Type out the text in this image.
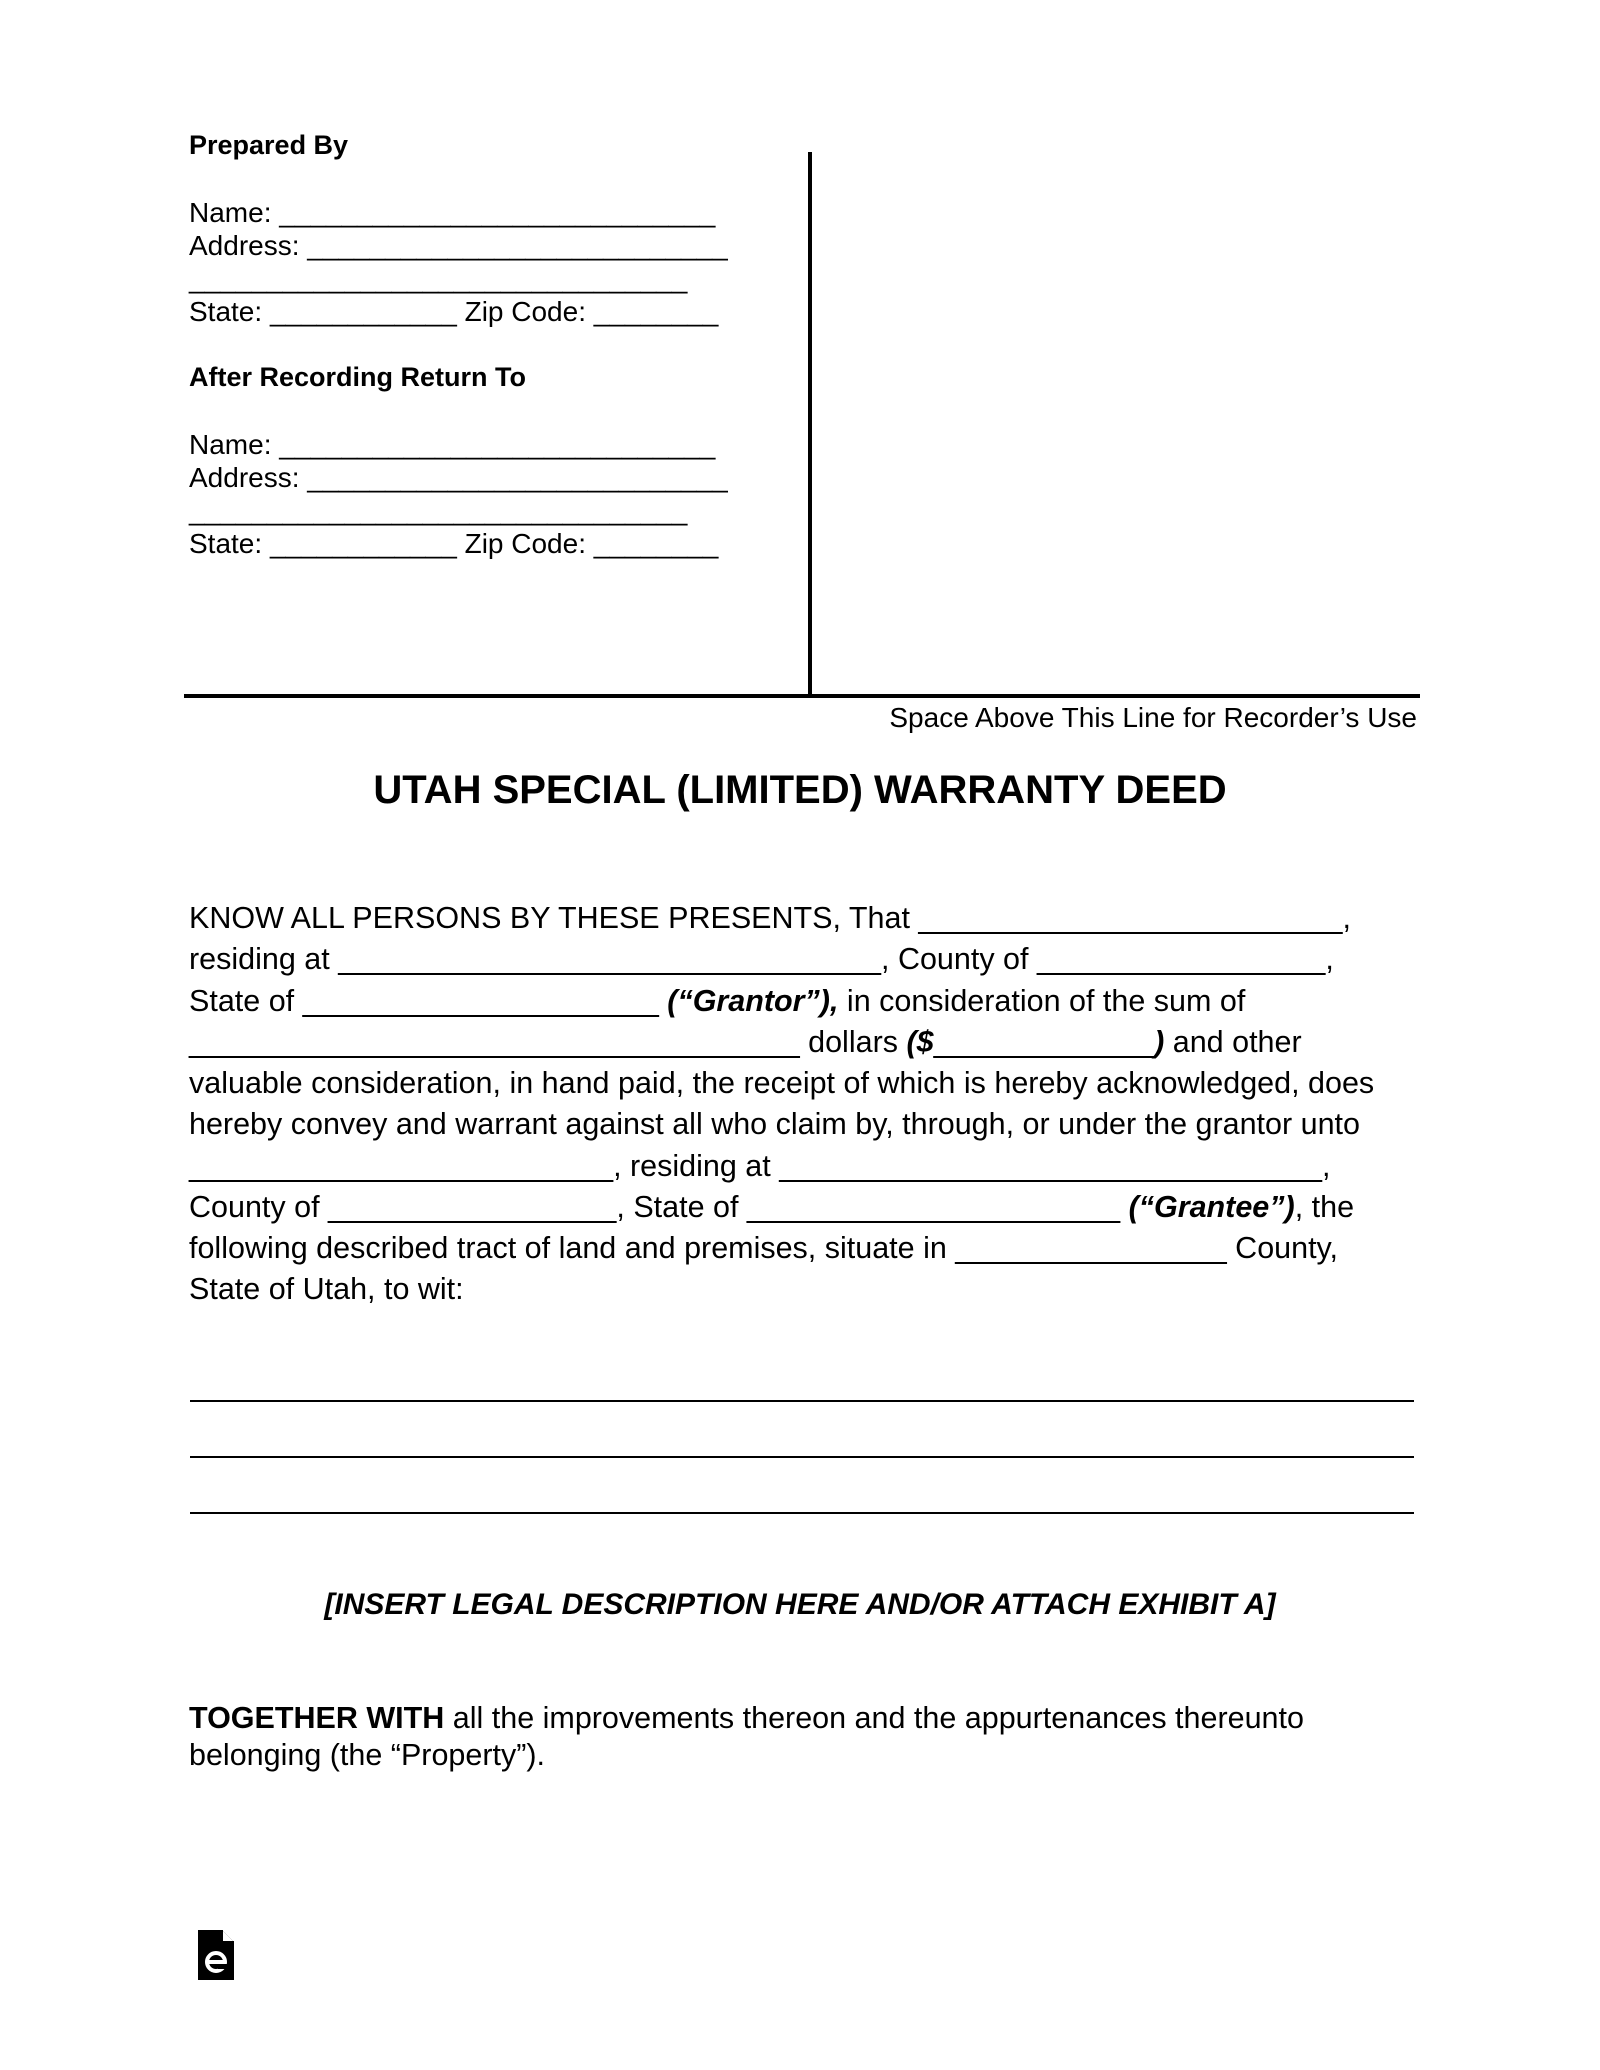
Prepared By
Name: ____________________________
Address: ___________________________
________________________________
State: ____________ Zip Code: ________
After Recording Return To
Name: ____________________________
Address: ___________________________
________________________________
State: ____________ Zip Code: ________
Space Above This Line for Recorder’s Use
UTAH SPECIAL (LIMITED) WARRANTY DEED
KNOW ALL PERSONS BY THESE PRESENTS, That _________________________,
residing at ________________________________, County of _________________,
State of _____________________ (“Grantor”), in consideration of the sum of
____________________________________ dollars ($_____________) and other
valuable consideration, in hand paid, the receipt of which is hereby acknowledged, does
hereby convey and warrant against all who claim by, through, or under the grantor unto
_________________________, residing at ________________________________,
County of _________________, State of ______________________ (“Grantee”), the
following described tract of land and premises, situate in ________________ County,
State of Utah, to wit:
[INSERT LEGAL DESCRIPTION HERE AND/OR ATTACH EXHIBIT A]
TOGETHER WITH all the improvements thereon and the appurtenances thereunto
belonging (the “Property”).
